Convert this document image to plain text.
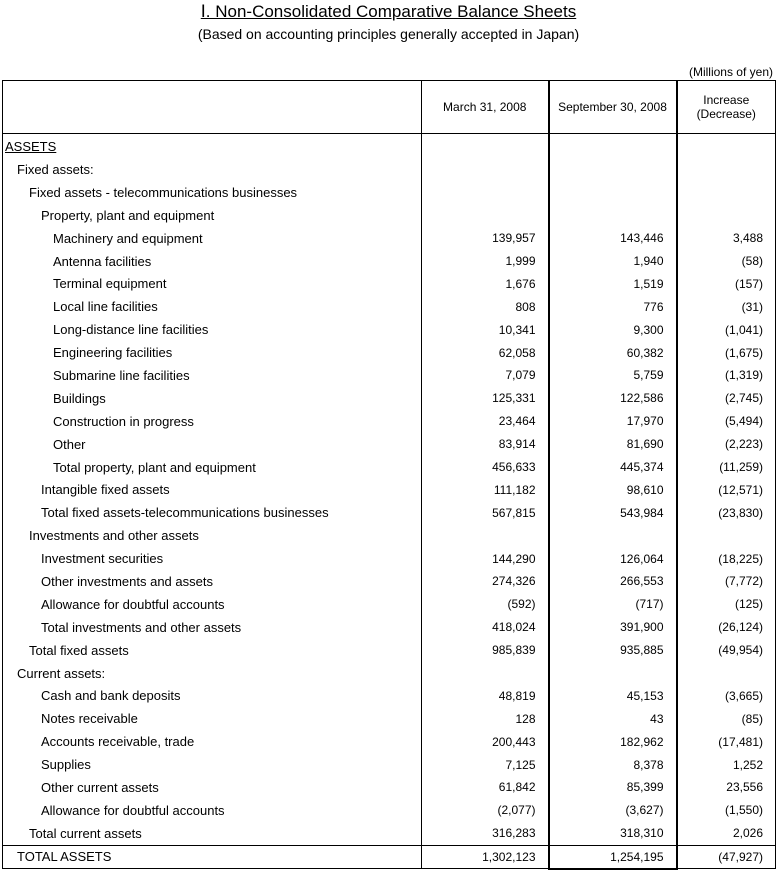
Ⅰ. Non-Consolidated Comparative Balance Sheets
(Based on accounting principles generally accepted in Japan)
(Millions of yen)
	March 31, 2008	September 30, 2008	Increase (Decrease)
ASSETS			
Fixed assets:			
Fixed assets - telecommunications businesses			
Property, plant and equipment			
Machinery and equipment	139,957	143,446	3,488
Antenna facilities	1,999	1,940	(58)
Terminal equipment	1,676	1,519	(157)
Local line facilities	808	776	(31)
Long-distance line facilities	10,341	9,300	(1,041)
Engineering facilities	62,058	60,382	(1,675)
Submarine line facilities	7,079	5,759	(1,319)
Buildings	125,331	122,586	(2,745)
Construction in progress	23,464	17,970	(5,494)
Other	83,914	81,690	(2,223)
Total property, plant and equipment	456,633	445,374	(11,259)
Intangible fixed assets	111,182	98,610	(12,571)
Total fixed assets-telecommunications businesses	567,815	543,984	(23,830)
Investments and other assets			
Investment securities	144,290	126,064	(18,225)
Other investments and assets	274,326	266,553	(7,772)
Allowance for doubtful accounts	(592)	(717)	(125)
Total investments and other assets	418,024	391,900	(26,124)
Total fixed assets	985,839	935,885	(49,954)
Current assets:			
Cash and bank deposits	48,819	45,153	(3,665)
Notes receivable	128	43	(85)
Accounts receivable, trade	200,443	182,962	(17,481)
Supplies	7,125	8,378	1,252
Other current assets	61,842	85,399	23,556
Allowance for doubtful accounts	(2,077)	(3,627)	(1,550)
Total current assets	316,283	318,310	2,026
TOTAL ASSETS	1,302,123	1,254,195	(47,927)
